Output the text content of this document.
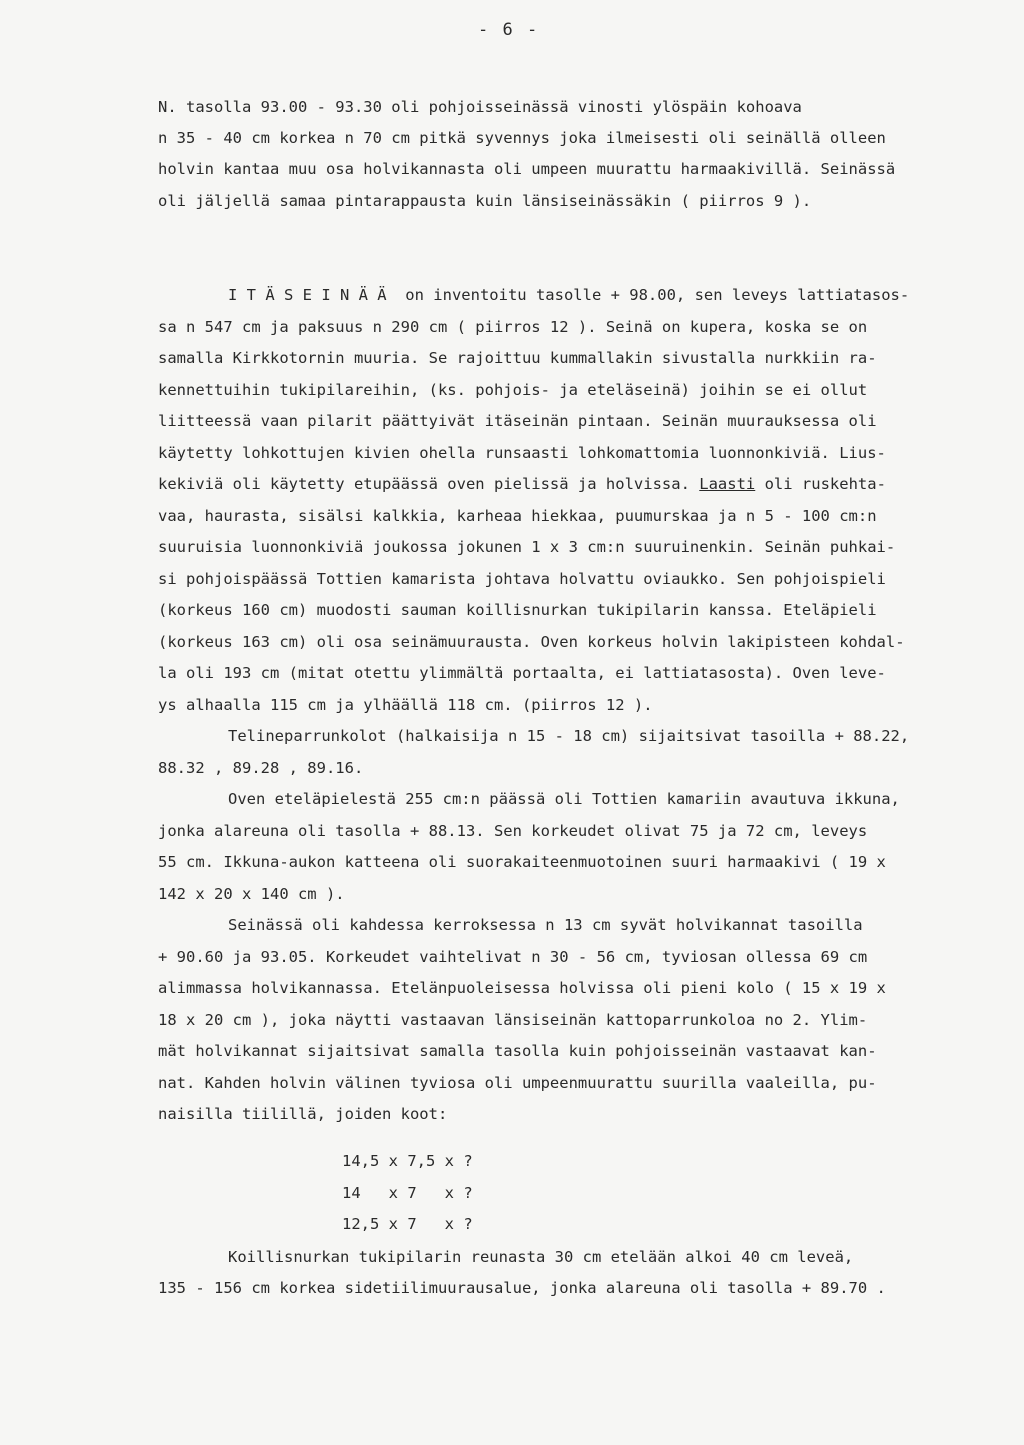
- 6 -
N. tasolla 93.00 - 93.30 oli pohjoisseinässä vinosti ylöspäin kohoava
n 35 - 40 cm korkea n 70 cm pitkä syvennys joka ilmeisesti oli seinällä olleen
holvin kantaa muu osa holvikannasta oli umpeen muurattu harmaakivillä. Seinässä
oli jäljellä samaa pintarappausta kuin länsiseinässäkin ( piirros 9 ).
I T Ä S E I N Ä Ä  on inventoitu tasolle + 98.00, sen leveys lattiatasos-
sa n 547 cm ja paksuus n 290 cm ( piirros 12 ). Seinä on kupera, koska se on
samalla Kirkkotornin muuria. Se rajoittuu kummallakin sivustalla nurkkiin ra-
kennettuihin tukipilareihin, (ks. pohjois- ja eteläseinä) joihin se ei ollut
liitteessä vaan pilarit päättyivät itäseinän pintaan. Seinän muurauksessa oli
käytetty lohkottujen kivien ohella runsaasti lohkomattomia luonnonkiviä. Lius-
kekiviä oli käytetty etupäässä oven pielissä ja holvissa. Laasti oli ruskehta-
vaa, haurasta, sisälsi kalkkia, karheaa hiekkaa, puumurskaa ja n 5 - 100 cm:n
suuruisia luonnonkiviä joukossa jokunen 1 x 3 cm:n suuruinenkin. Seinän puhkai-
si pohjoispäässä Tottien kamarista johtava holvattu oviaukko. Sen pohjoispieli
(korkeus 160 cm) muodosti sauman koillisnurkan tukipilarin kanssa. Eteläpieli
(korkeus 163 cm) oli osa seinämuurausta. Oven korkeus holvin lakipisteen kohdal-
la oli 193 cm (mitat otettu ylimmältä portaalta, ei lattiatasosta). Oven leve-
ys alhaalla 115 cm ja ylhäällä 118 cm. (piirros 12 ).
Telineparrunkolot (halkaisija n 15 - 18 cm) sijaitsivat tasoilla + 88.22,
88.32 , 89.28 , 89.16.
Oven eteläpielestä 255 cm:n päässä oli Tottien kamariin avautuva ikkuna,
jonka alareuna oli tasolla + 88.13. Sen korkeudet olivat 75 ja 72 cm, leveys
55 cm. Ikkuna-aukon katteena oli suorakaiteenmuotoinen suuri harmaakivi ( 19 x
142 x 20 x 140 cm ).
Seinässä oli kahdessa kerroksessa n 13 cm syvät holvikannat tasoilla
+ 90.60 ja 93.05. Korkeudet vaihtelivat n 30 - 56 cm, tyviosan ollessa 69 cm
alimmassa holvikannassa. Etelänpuoleisessa holvissa oli pieni kolo ( 15 x 19 x
18 x 20 cm ), joka näytti vastaavan länsiseinän kattoparrunkoloa no 2. Ylim-
mät holvikannat sijaitsivat samalla tasolla kuin pohjoisseinän vastaavat kan-
nat. Kahden holvin välinen tyviosa oli umpeenmuurattu suurilla vaaleilla, pu-
naisilla tiilillä, joiden koot:
14,5 x 7,5 x ?
14   x 7   x ?
12,5 x 7   x ?
Koillisnurkan tukipilarin reunasta 30 cm etelään alkoi 40 cm leveä,
135 - 156 cm korkea sidetiilimuurausalue, jonka alareuna oli tasolla + 89.70 .
